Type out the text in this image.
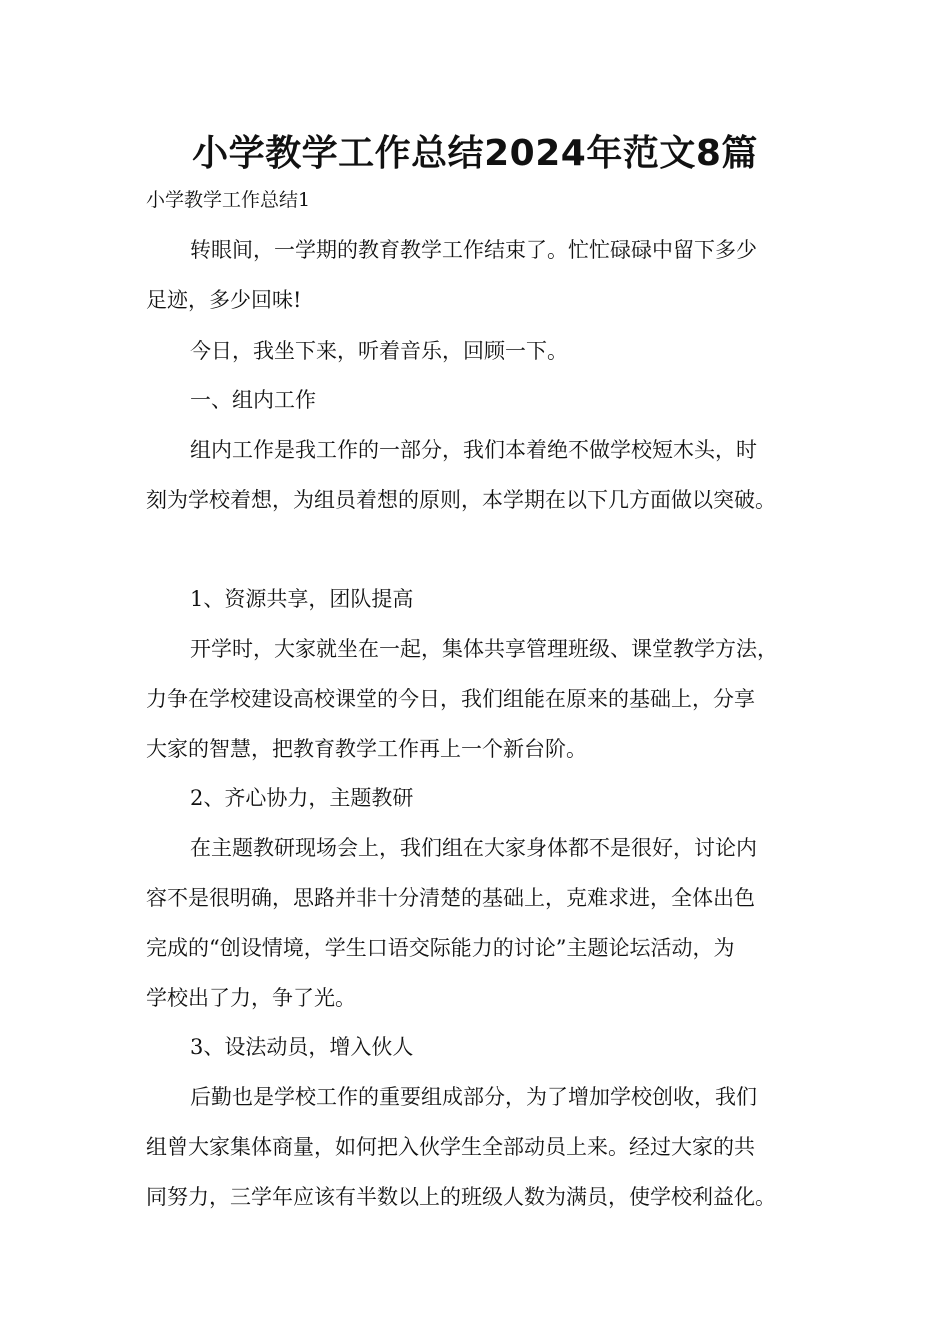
小学教学工作总结2024年范文8篇

小学教学工作总结1

转眼间，一学期的教育教学工作结束了。忙忙碌碌中留下多少

足迹，多少回味!

今日，我坐下来，听着音乐，回顾一下。

一、组内工作

组内工作是我工作的一部分，我们本着绝不做学校短木头，时

刻为学校着想，为组员着想的原则，本学期在以下几方面做以突破。

1、资源共享，团队提高

开学时，大家就坐在一起，集体共享管理班级、课堂教学方法，

力争在学校建设高校课堂的今日，我们组能在原来的基础上，分享

大家的智慧，把教育教学工作再上一个新台阶。

2、齐心协力，主题教研

在主题教研现场会上，我们组在大家身体都不是很好，讨论内

容不是很明确，思路并非十分清楚的基础上，克难求进，全体出色

完成的“创设情境，学生口语交际能力的讨论”主题论坛活动，为

学校出了力，争了光。

3、设法动员，增入伙人

后勤也是学校工作的重要组成部分，为了增加学校创收，我们

组曾大家集体商量，如何把入伙学生全部动员上来。经过大家的共

同努力，三学年应该有半数以上的班级人数为满员，使学校利益化。
